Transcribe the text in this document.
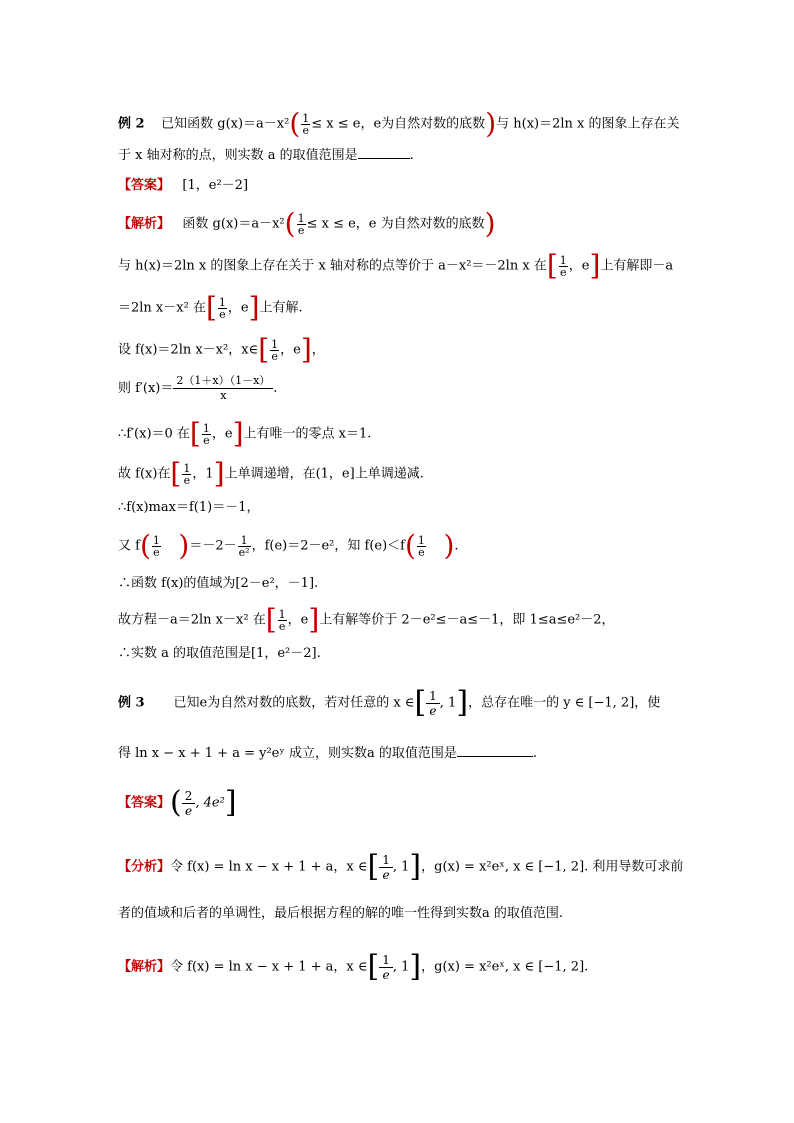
例 2 已知函数 $g(x)=a-x^2( \frac{1}{e} \le x \le e$，e为自然对数的底数)与 h(x)＝2ln x 的图象上存在关
于 x 轴对称的点，则实数 a 的取值范围是	.
【答案】 [1，e²－2]
【解析】 函数 $g(x)=a-x^2( \frac{1}{e} \le x \le e$，e 为自然对数的底数)
与 h(x)＝2ln x 的图象上存在关于 x 轴对称的点等价于 a－x²＝－2ln x 在[ $\frac{1}{e}$ ，e]上有解即－a
＝2ln x－x² 在[ $\frac{1}{e}$ ，e]上有解.
设 f(x)＝2ln x－x²，x∈[ $\frac{1}{e}$ ，e]，
则 $f'(x)= \frac{2(1+x)(1-x)}{x}$ .
∴f′(x)＝0 在[ $\frac{1}{e}$ ，e]上有唯一的零点 x＝1.
故 f(x)在[ $\frac{1}{e}$ ，1]上单调递增，在(1，e]上单调递减.
∴f(x)max＝f(1)＝－1，
又 $f( \frac{1}{e} )=-2- \frac{1}{\text{e²}}$ ，f(e)＝2－e²，知 $f(e)<f( \frac{1}{e}$ ).
∴函数 f(x)的值域为[2－e²，－1].
故方程－a＝2ln x－x² 在[ $\frac{1}{e}$ ，e]上有解等价于 2－e²≤－a≤－1，即 1≤a≤e²－2，
∴实数 a 的取值范围是[1，e²－2].
例 3 已知e为自然对数的底数，若对任意的 x ∈[ $\frac{1}{e}$ , 1]，总存在唯一的 y ∈ [−1, 2]，使
得 ln x − x + 1 + a = y²eʸ 成立，则实数a 的取值范围是	.
【答案】( $\frac{2}{e}$ , 4e²]
【分析】令 f(x) = ln x − x + 1 + a，x ∈[ $\frac{1}{e}$ , 1]，g(x) = x²eˣ, x ∈ [−1, 2]. 利用导数可求前
者的值域和后者的单调性，最后根据方程的解的唯一性得到实数a 的取值范围.
【解析】令 f(x) = ln x − x + 1 + a，x ∈[ $\frac{1}{e}$ , 1]，g(x) = x²eˣ, x ∈ [−1, 2].
